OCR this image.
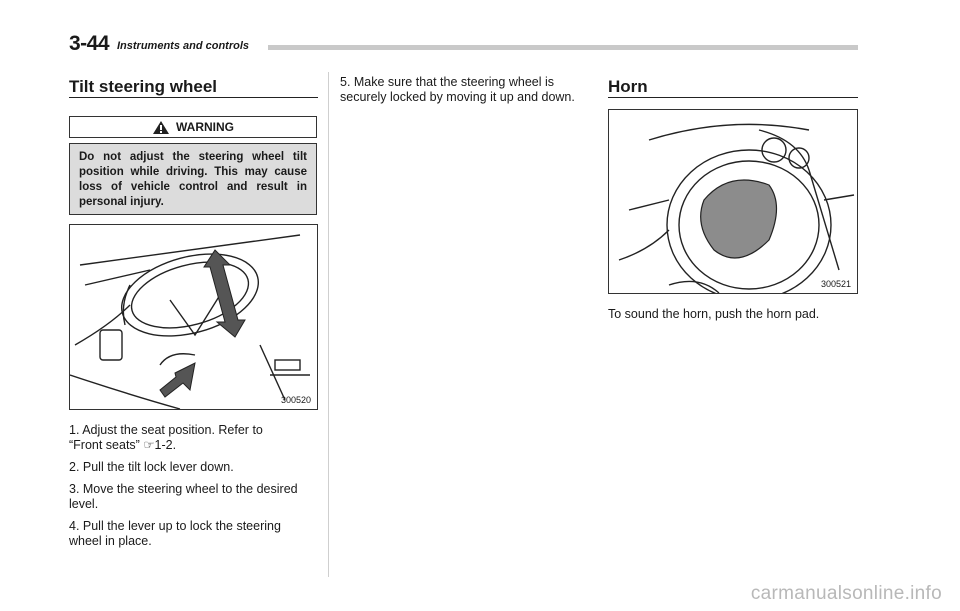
3-44 Instruments and controls
Tilt steering wheel
WARNING

Do not adjust the steering wheel tilt position while driving. This may cause loss of vehicle control and result in personal injury.

300520

1. Adjust the seat position. Refer to

“Front seats” ☞1-2.

2. Pull the tilt lock lever down.

3. Move the steering wheel to the desired

level.

4. Pull the lever up to lock the steering

wheel in place.

5. Make sure that the steering wheel is

securely locked by moving it up and down.

Horn
300521

To sound the horn, push the horn pad.

carmanualsonline.info
